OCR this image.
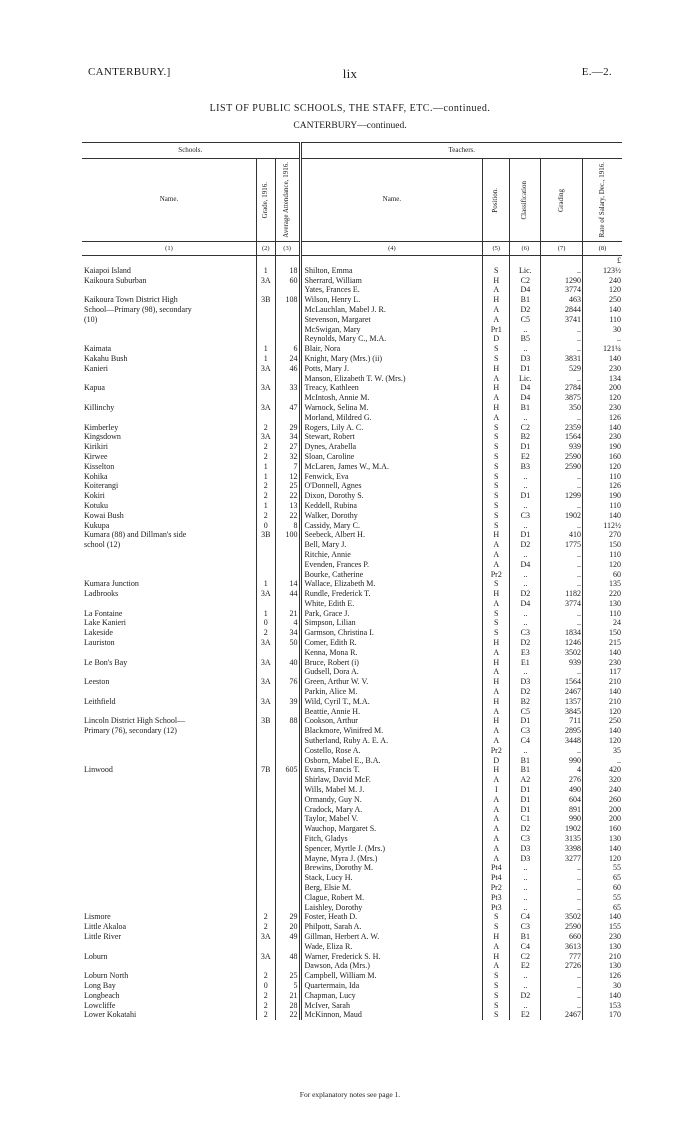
CANTERBURY.]	lix	E.—2.
LIST OF PUBLIC SCHOOLS, THE STAFF, ETC.—continued.
CANTERBURY—continued.
Schools.			Teachers.				
Name.	Grade, 1916.	Average Attendance, 1916.	Name.	Position.	Classification	Grading	Rate of Salary, Dec., 1916.

(1)	(2)	(3)	(4)	(5)	(6)	(7)	(8)
							£
Kaiapoi Island	1	18	Shilton, Emma	S	Lic.	..	123½
Kaikoura Suburban	3A	60	Sherrard, William	H	C2	1290	240
			Yates, Frances E.	A	D4	3774	120
Kaikoura Town District High	3B	108	Wilson, Henry L.	H	B1	463	250
School—Primary (98), secondary			McLauchlan, Mabel J. R.	A	D2	2844	140
(10)			Stevenson, Margaret	A	C5	3741	110
			McSwigan, Mary	Pr1	..	..	30
			Reynolds, Mary C., M.A.	D	B5	..	..
Kaimata	1	6	Blair, Nora	S	..	..	121¼
Kakahu Bush	1	24	Knight, Mary (Mrs.) (ii)	S	D3	3831	140
Kanieri	3A	46	Potts, Mary J.	H	D1	529	230
			Manson, Elizabeth T. W. (Mrs.)	A	Lic.	..	134
Kapua	3A	33	Treacy, Kathleen	H	D4	2784	200
			McIntosh, Annie M.	A	D4	3875	120
Killinchy	3A	47	Warnock, Selina M.	H	B1	350	230
			Morland, Mildred G.	A	..	..	126
Kimberley	2	29	Rogers, Lily A. C.	S	C2	2359	140
Kingsdown	3A	34	Stewart, Robert	S	B2	1564	230
Kirikiri	2	27	Dynes, Arabella	S	D1	939	190
Kirwee	2	32	Sloan, Caroline	S	E2	2590	160
Kisselton	1	7	McLaren, James W., M.A.	S	B3	2590	120
Kohika	1	12	Fenwick, Eva	S	..	..	110
Koiterangi	2	25	O'Donnell, Agnes	S	..	..	126
Kokiri	2	22	Dixon, Dorothy S.	S	D1	1299	190
Kotuku	1	13	Keddell, Rubina	S	..	..	110
Kowai Bush	2	22	Walker, Dorothy	S	C3	1902	140
Kukupa	0	8	Cassidy, Mary C.	S	..	..	112½
Kumara (88) and Dillman's side	3B	100	Seebeck, Albert H.	H	D1	410	270
school (12)			Bell, Mary J.	A	D2	1775	150
			Ritchie, Annie	A	..	..	110
			Evenden, Frances P.	A	D4	..	120
			Bourke, Catherine	Pr2	..	..	60
Kumara Junction	1	14	Wallace, Elizabeth M.	S	..	..	135
Ladbrooks	3A	44	Rundle, Frederick T.	H	D2	1182	220
			White, Edith E.	A	D4	3774	130
La Fontaine	1	21	Park, Grace J.	S	..	..	110
Lake Kanieri	0	4	Simpson, Lilian	S	..	..	24
Lakeside	2	34	Garmson, Christina I.	S	C3	1834	150
Lauriston	3A	50	Comer, Edith R.	H	D2	1246	215
			Kenna, Mona R.	A	E3	3502	140
Le Bon's Bay	3A	40	Bruce, Robert (i)	H	E1	939	230
			Gudsell, Dora A.	A	..	..	117
Leeston	3A	76	Green, Arthur W. V.	H	D3	1564	210
			Parkin, Alice M.	A	D2	2467	140
Leithfield	3A	39	Wild, Cyril T., M.A.	H	B2	1357	210
			Beattie, Annie H.	A	C5	3845	120
Lincoln District High School—	3B	88	Cookson, Arthur	H	D1	711	250
Primary (76), secondary (12)			Blackmore, Winifred M.	A	C3	2895	140
			Sutherland, Ruby A. E. A.	A	C4	3448	120
			Costello, Rose A.	Pr2	..	..	35
			Osborn, Mabel E., B.A.	D	B1	990	..
Linwood	7B	605	Evans, Francis T.	H	B1	4	420
			Shirlaw, David McF.	A	A2	276	320
			Wills, Mabel M. J.	I	D1	490	240
			Ormandy, Guy N.	A	D1	604	260
			Cradock, Mary A.	A	D1	891	200
			Taylor, Mabel V.	A	C1	990	200
			Wauchop, Margaret S.	A	D2	1902	160
			Fitch, Gladys	A	C3	3135	130
			Spencer, Myrtle J. (Mrs.)	A	D3	3398	140
			Mayne, Myra J. (Mrs.)	A	D3	3277	120
			Brewins, Dorothy M.	Pt4	..	..	55
			Stack, Lucy H.	Pt4	..	..	65
			Berg, Elsie M.	Pr2	..	..	60
			Clague, Robert M.	Pt3	..	..	55
			Laishley, Dorothy	Pt3	..	..	65
Lismore	2	29	Foster, Heath D.	S	C4	3502	140
Little Akaloa	2	20	Philpott, Sarah A.	S	C3	2590	155
Little River	3A	49	Gillman, Herbert A. W.	H	B1	660	230
			Wade, Eliza R.	A	C4	3613	130
Loburn	3A	48	Warner, Frederick S. H.	H	C2	777	210
			Dawson, Ada (Mrs.)	A	E2	2726	130
Loburn North	2	25	Campbell, William M.	S	..	..	126
Long Bay	0	5	Quartermain, Ida	S	..	..	30
Longbeach	2	21	Chapman, Lucy	S	D2	..	140
Lowcliffe	2	28	McIver, Sarah	S	..	..	153
Lower Kokatahi	2	22	McKinnon, Maud	S	E2	2467	170
For explanatory notes see page 1.
